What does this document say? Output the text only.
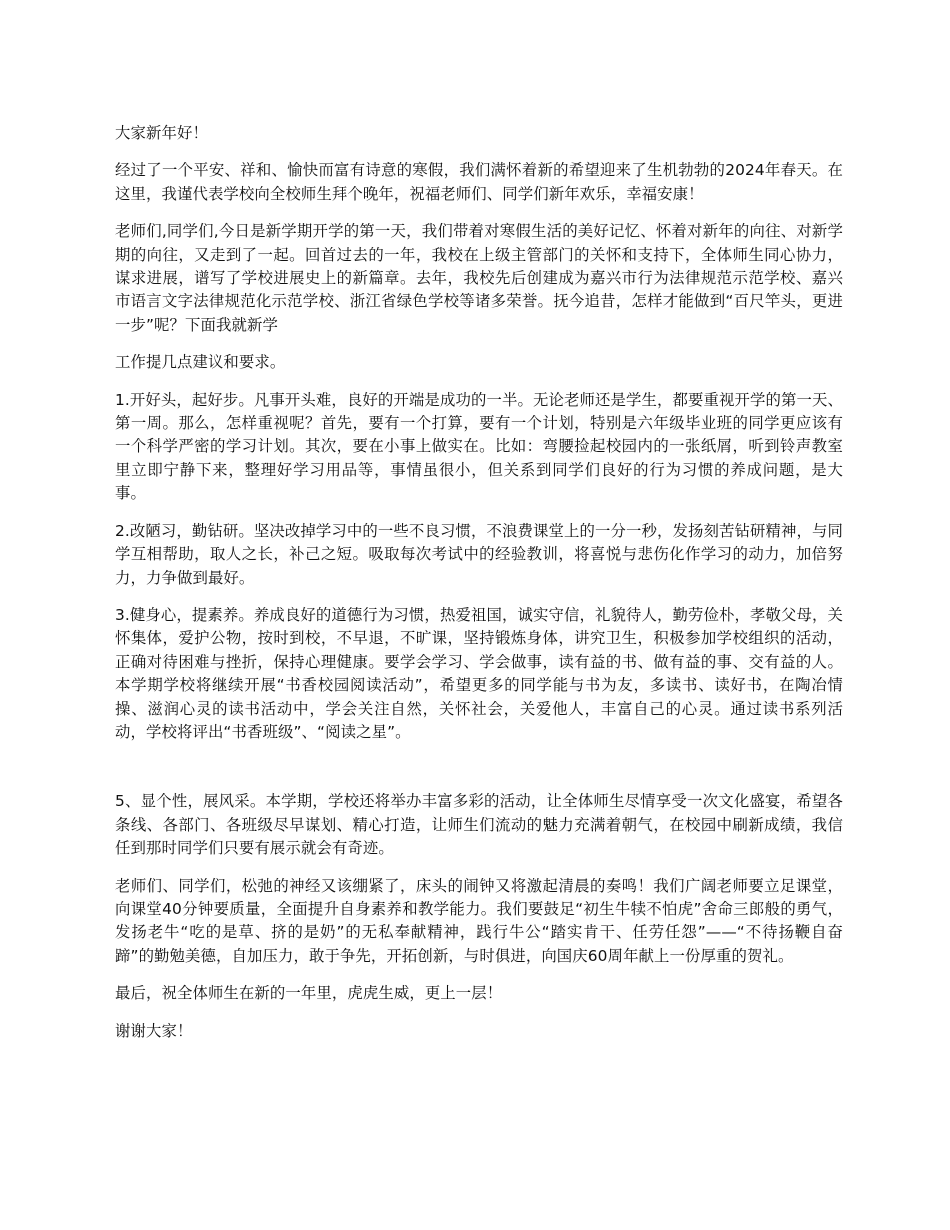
大家新年好！

经过了一个平安、祥和、愉快而富有诗意的寒假，我们满怀着新的希望迎来了生机勃勃的2024年春天。在这里，我谨代表学校向全校师生拜个晚年，祝福老师们、同学们新年欢乐，幸福安康！

老师们,同学们,今日是新学期开学的第一天，我们带着对寒假生活的美好记忆、怀着对新年的向往、对新学期的向往，又走到了一起。回首过去的一年，我校在上级主管部门的关怀和支持下，全体师生同心协力，谋求进展，谱写了学校进展史上的新篇章。去年，我校先后创建成为嘉兴市行为法律规范示范学校、嘉兴市语言文字法律规范化示范学校、浙江省绿色学校等诸多荣誉。抚今追昔，怎样才能做到“百尺竿头，更进一步”呢？下面我就新学

工作提几点建议和要求。

1.开好头，起好步。凡事开头难，良好的开端是成功的一半。无论老师还是学生，都要重视开学的第一天、第一周。那么，怎样重视呢？首先，要有一个打算，要有一个计划，特别是六年级毕业班的同学更应该有一个科学严密的学习计划。其次，要在小事上做实在。比如：弯腰捡起校园内的一张纸屑，听到铃声教室里立即宁静下来，整理好学习用品等，事情虽很小，但关系到同学们良好的行为习惯的养成问题，是大事。

2.改陋习，勤钻研。坚决改掉学习中的一些不良习惯，不浪费课堂上的一分一秒，发扬刻苦钻研精神，与同学互相帮助，取人之长，补己之短。吸取每次考试中的经验教训，将喜悦与悲伤化作学习的动力，加倍努力，力争做到最好。

3.健身心，提素养。养成良好的道德行为习惯，热爱祖国，诚实守信，礼貌待人，勤劳俭朴，孝敬父母，关怀集体，爱护公物，按时到校，不早退，不旷课，坚持锻炼身体，讲究卫生，积极参加学校组织的活动，正确对待困难与挫折，保持心理健康。要学会学习、学会做事，读有益的书、做有益的事、交有益的人。本学期学校将继续开展“书香校园阅读活动”，希望更多的同学能与书为友，多读书、读好书，在陶冶情操、滋润心灵的读书活动中，学会关注自然，关怀社会，关爱他人，丰富自己的心灵。通过读书系列活动，学校将评出“书香班级”、“阅读之星”。

5、显个性，展风采。本学期，学校还将举办丰富多彩的活动，让全体师生尽情享受一次文化盛宴，希望各条线、各部门、各班级尽早谋划、精心打造，让师生们流动的魅力充满着朝气，在校园中刷新成绩，我信任到那时同学们只要有展示就会有奇迹。

老师们、同学们，松弛的神经又该绷紧了，床头的闹钟又将激起清晨的奏鸣！我们广阔老师要立足课堂，向课堂40分钟要质量，全面提升自身素养和教学能力。我们要鼓足“初生牛犊不怕虎”舍命三郎般的勇气，发扬老牛“吃的是草、挤的是奶”的无私奉献精神，践行牛公“踏实肯干、任劳任怨”——“不待扬鞭自奋蹄”的勤勉美德，自加压力，敢于争先，开拓创新，与时俱进，向国庆60周年献上一份厚重的贺礼。

最后，祝全体师生在新的一年里，虎虎生威，更上一层！

谢谢大家！
